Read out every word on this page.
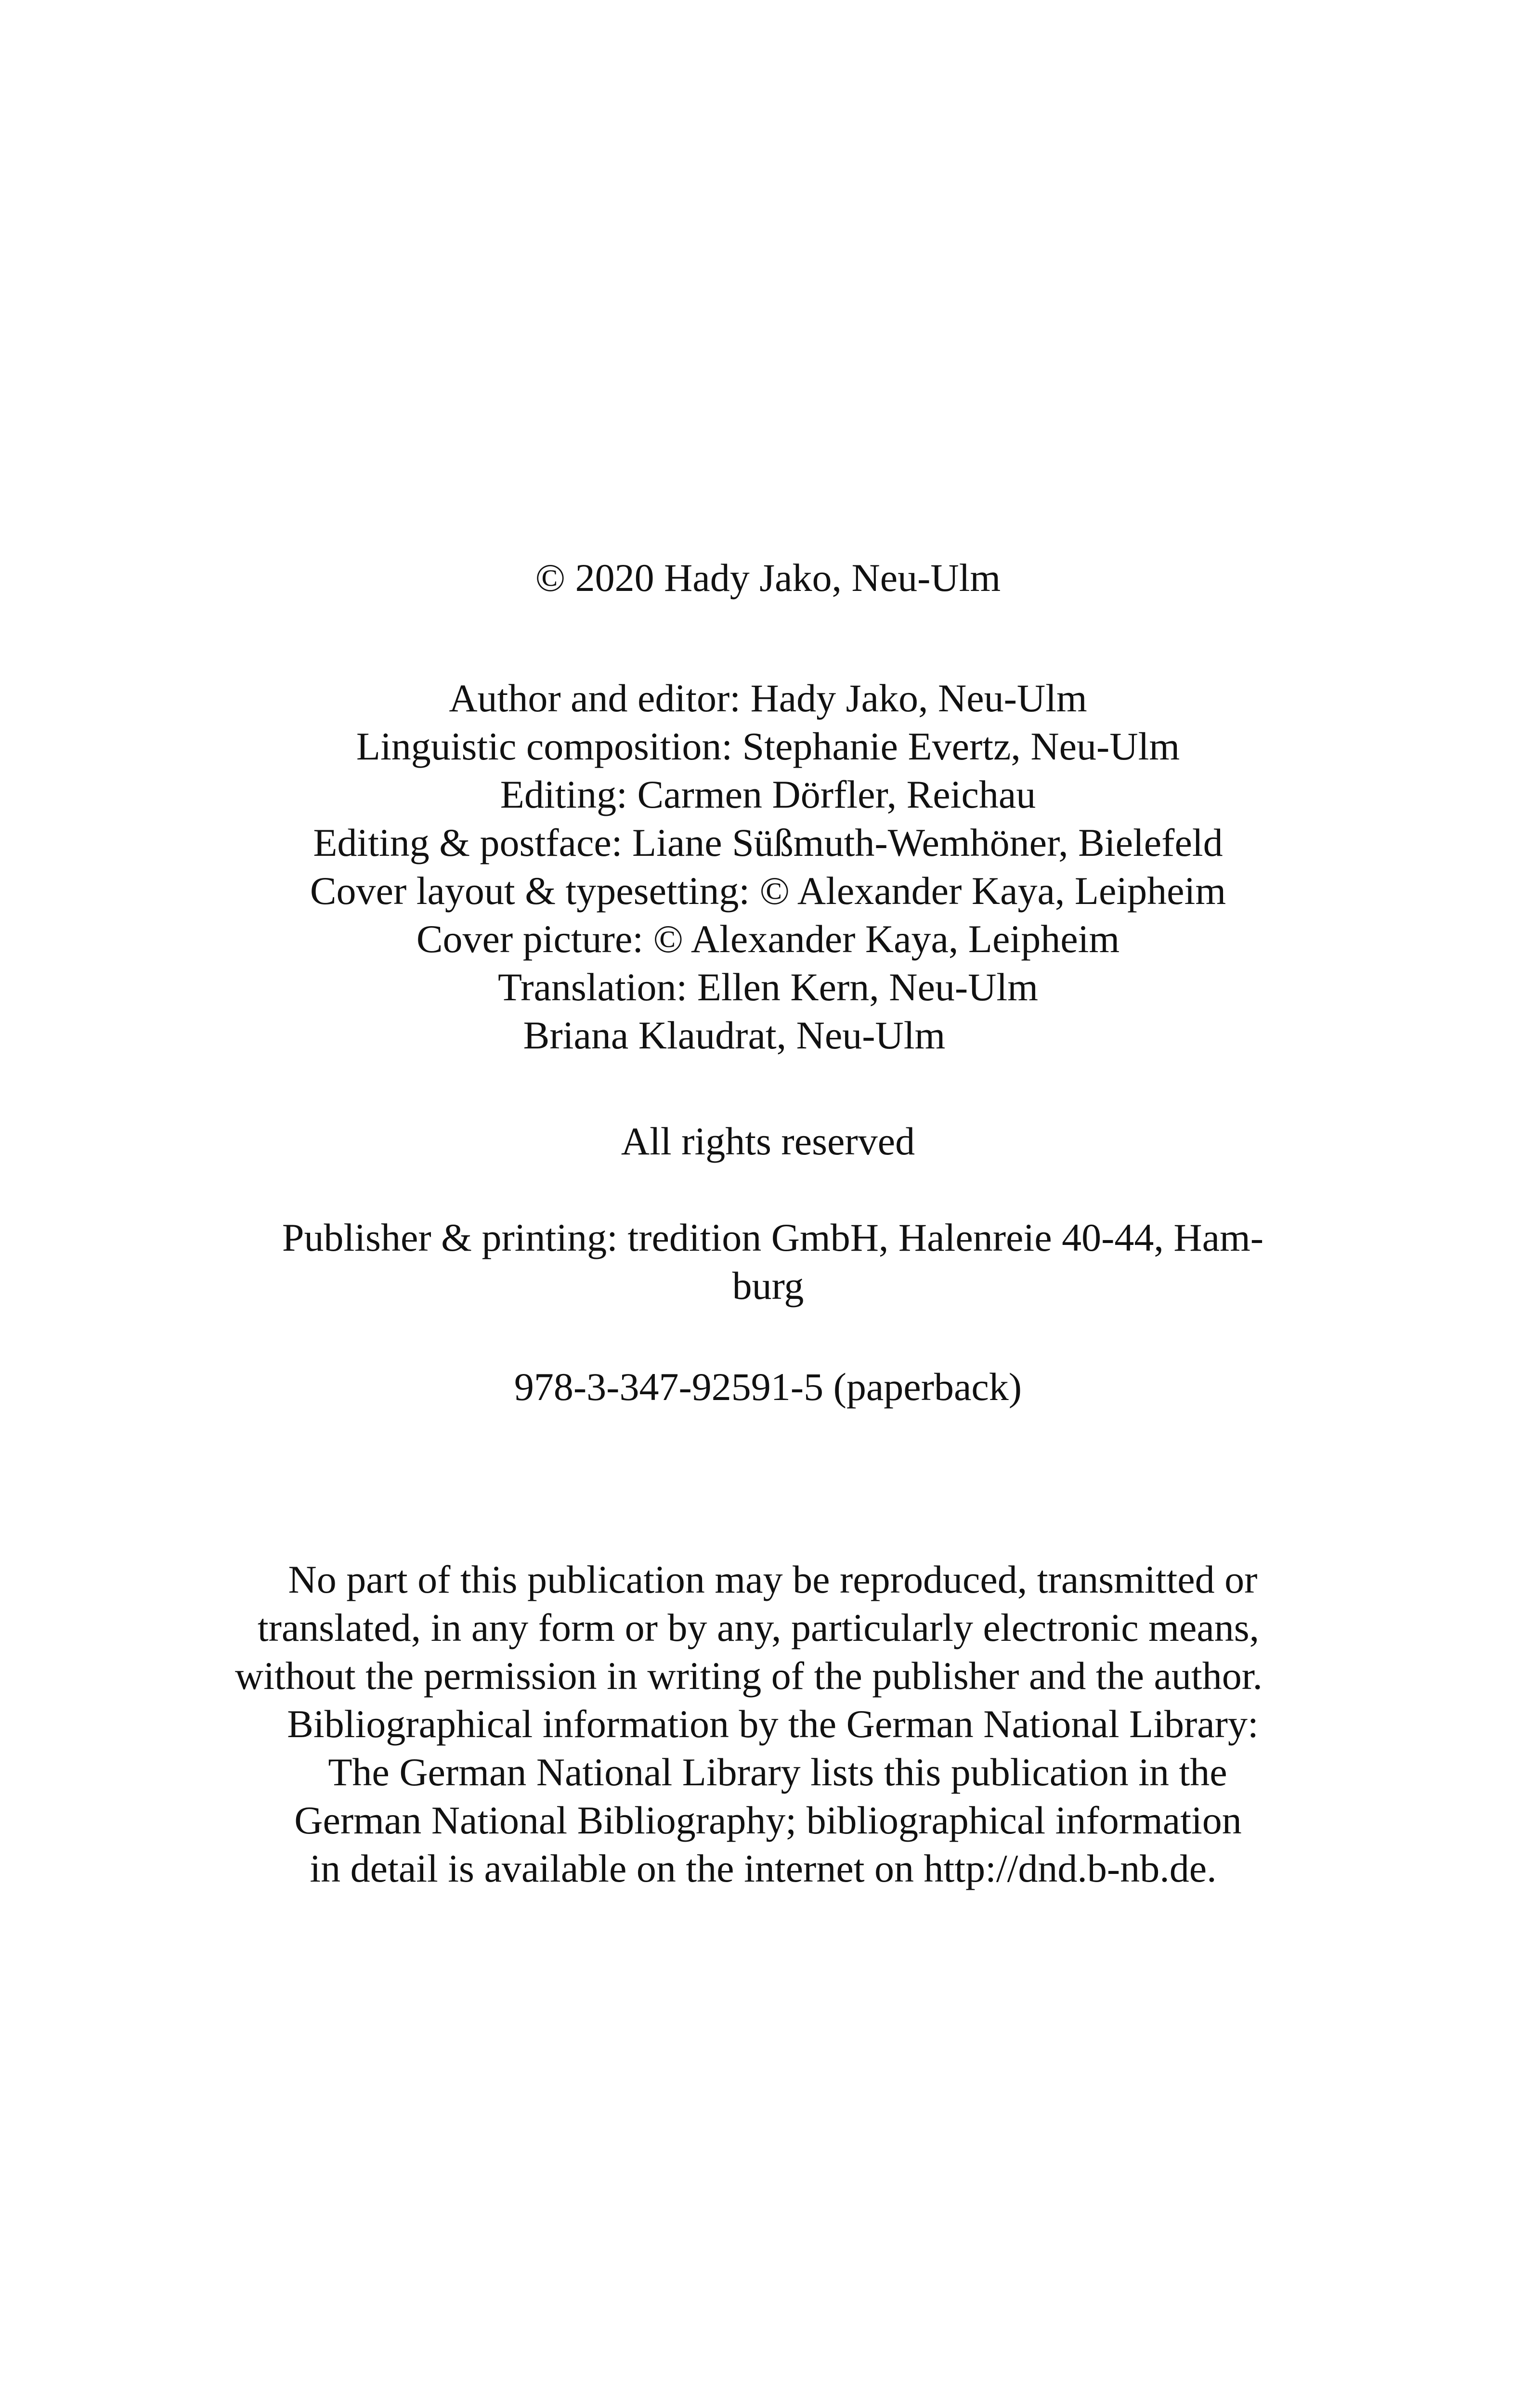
© 2020 Hady Jako, Neu-Ulm
Author and editor: Hady Jako, Neu-Ulm
Linguistic composition: Stephanie Evertz, Neu-Ulm
Editing: Carmen Dörfler, Reichau
Editing & postface: Liane Süßmuth-Wemhöner, Bielefeld
Cover layout & typesetting: © Alexander Kaya, Leipheim
Cover picture: © Alexander Kaya, Leipheim
Translation: Ellen Kern, Neu-Ulm
Briana Klaudrat, Neu-Ulm
All rights reserved
Publisher & printing: tredition GmbH, Halenreie 40-44, Ham-
burg
978-3-347-92591-5 (paperback)
No part of this publication may be reproduced, transmitted or
translated, in any form or by any, particularly electronic means,
without the permission in writing of the publisher and the author.
Bibliographical information by the German National Library:
The German National Library lists this publication in the
German National Bibliography; bibliographical information
in detail is available on the internet on http://dnd.b-nb.de.
